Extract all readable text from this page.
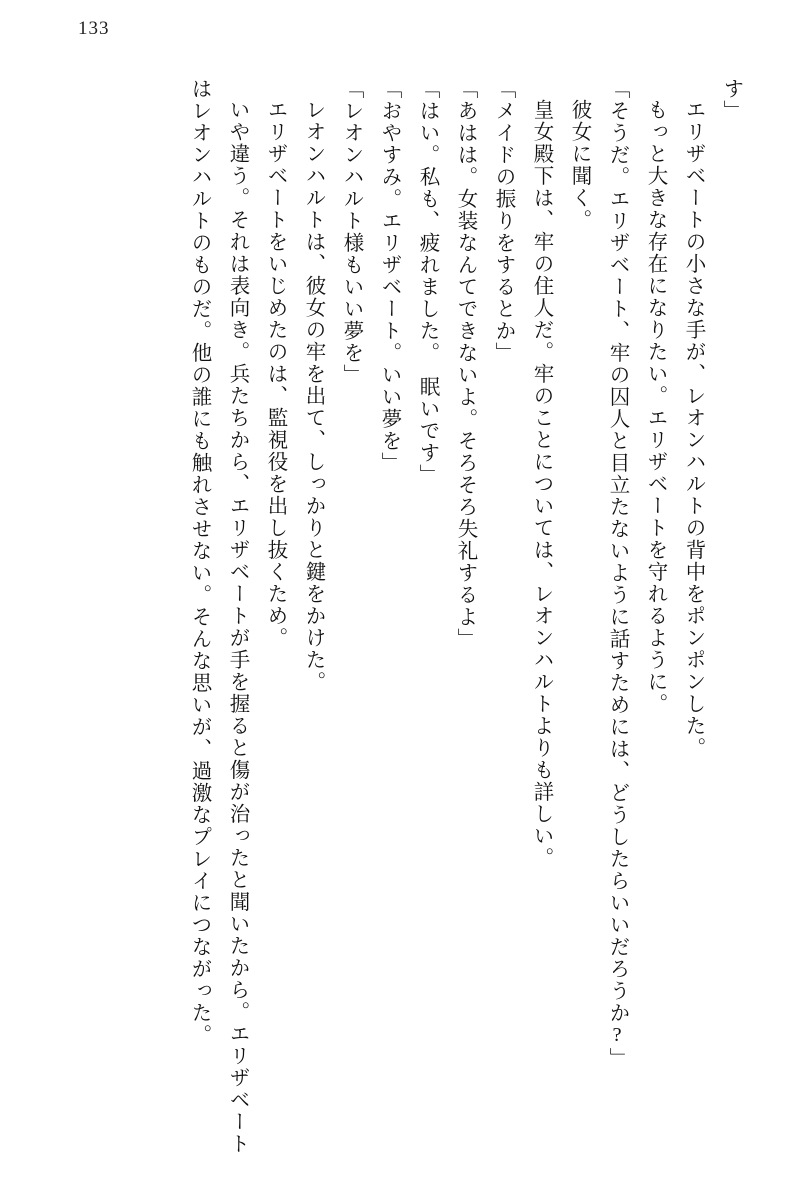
133

す」

エリザベートの小さな手が、レオンハルトの背中をポンポンした。

もっと大きな存在になりたい。エリザベートを守れるように。

「そうだ。エリザベート、牢の囚人と目立たないように話すためには、どうしたらいいだろうか?」

彼女に聞く。

皇女殿下は、牢の住人だ。牢のことについては、レオンハルトよりも詳しい。

「メイドの振りをするとか」

「あはは。女装なんてできないよ。そろそろ失礼するよ」

「はい。私も、疲れました。　眠いです」

「おやすみ。エリザベート。いい夢を」

「レオンハルト様もいい夢を」

レオンハルトは、彼女の牢を出て、しっかりと鍵をかけた。

エリザベートをいじめたのは、監視役を出し抜くため。

いや違う。それは表向き。兵たちから、エリザベートが手を握ると傷が治ったと聞いたから。エリザベートはレオンハルトのものだ。他の誰にも触れさせない。そんな思いが、過激なプレイにつながった。
